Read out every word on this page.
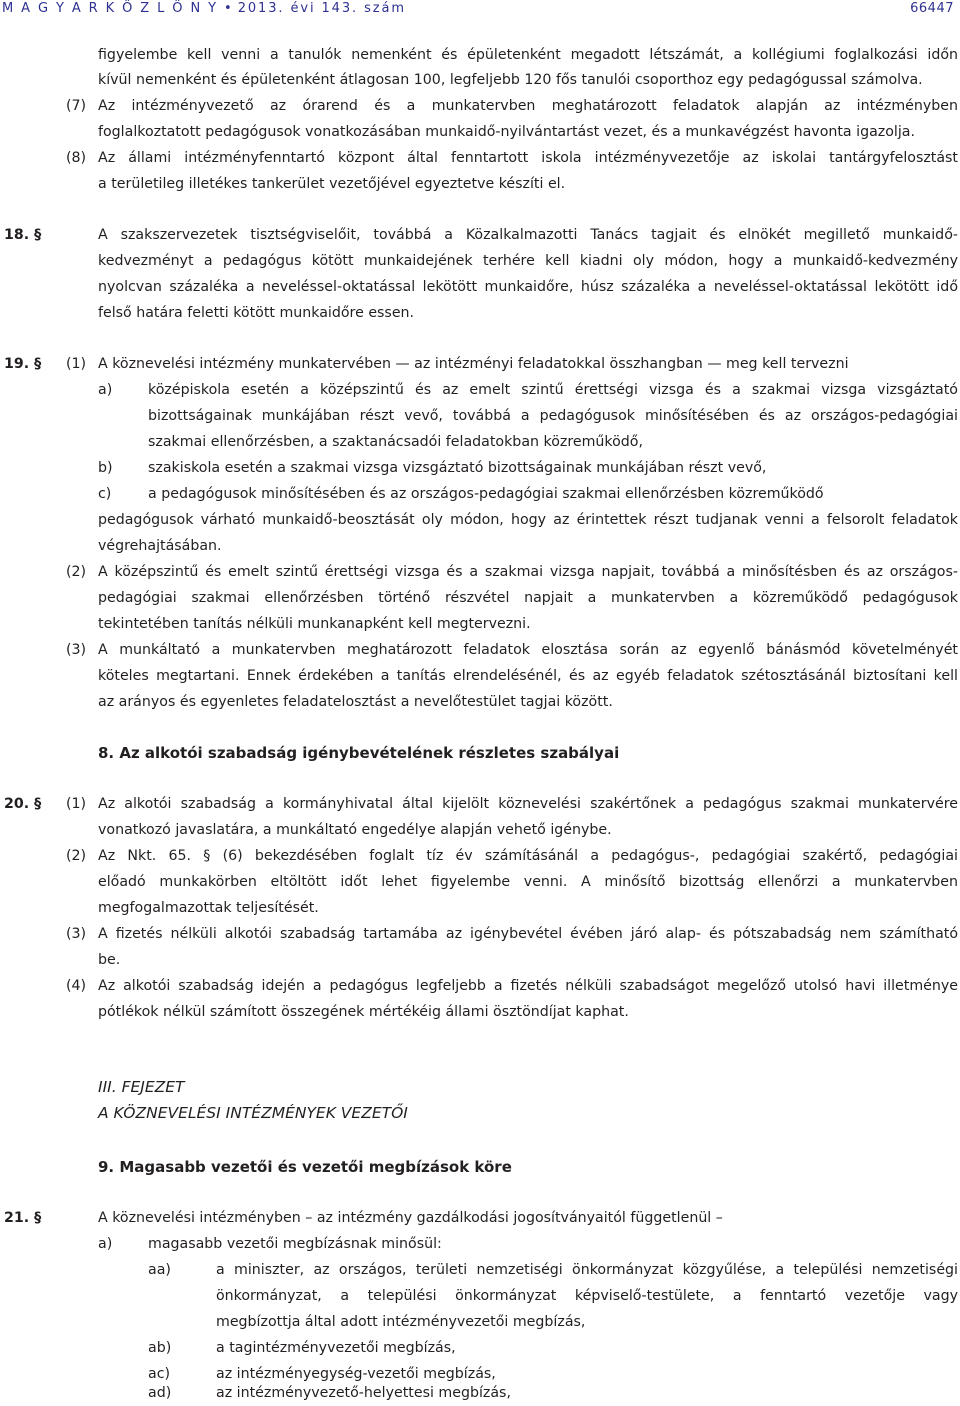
M A G Y A R K Ö Z L Ö N Y • 2013. évi 143. szám	66447
figyelembe kell venni a tanulók nemenként és épületenként megadott létszámát, a kollégiumi foglalkozási időn
kívül nemenként és épületenként átlagosan 100, legfeljebb 120 fős tanulói csoporthoz egy pedagógussal számolva.
(7) Az intézményvezető az órarend és a munkatervben meghatározott feladatok alapján az intézményben
foglalkoztatott pedagógusok vonatkozásában munkaidő-nyilvántartást vezet, és a munkavégzést havonta igazolja.
(8) Az állami intézményfenntartó központ által fenntartott iskola intézményvezetője az iskolai tantárgyfelosztást
a területileg illetékes tankerület vezetőjével egyeztetve készíti el.
18. §	A szakszervezetek tisztségviselőit, továbbá a Közalkalmazotti Tanács tagjait és elnökét megillető munkaidő-
kedvezményt a pedagógus kötött munkaidejének terhére kell kiadni oly módon, hogy a munkaidő-kedvezmény
nyolcvan százaléka a neveléssel-oktatással lekötött munkaidőre, húsz százaléka a neveléssel-oktatással lekötött idő
felső határa feletti kötött munkaidőre essen.
19. § (1) A köznevelési intézmény munkatervében — az intézményi feladatokkal összhangban — meg kell tervezni
a)	középiskola esetén a középszintű és az emelt szintű érettségi vizsga és a szakmai vizsga vizsgáztató
bizottságainak munkájában részt vevő, továbbá a pedagógusok minősítésében és az országos-pedagógiai
szakmai ellenőrzésben, a szaktanácsadói feladatokban közreműködő,
b) szakiskola esetén a szakmai vizsga vizsgáztató bizottságainak munkájában részt vevő,
c)	a pedagógusok minősítésében és az országos-pedagógiai szakmai ellenőrzésben közreműködő
pedagógusok várható munkaidő-beosztását oly módon, hogy az érintettek részt tudjanak venni a felsorolt feladatok
végrehajtásában.
(2) A középszintű és emelt szintű érettségi vizsga és a szakmai vizsga napjait, továbbá a minősítésben és az országos-
pedagógiai szakmai ellenőrzésben történő részvétel napjait a munkatervben a közreműködő pedagógusok
tekintetében tanítás nélküli munkanapként kell megtervezni.
(3) A munkáltató a munkatervben meghatározott feladatok elosztása során az egyenlő bánásmód követelményét
köteles megtartani. Ennek érdekében a tanítás elrendelésénél, és az egyéb feladatok szétosztásánál biztosítani kell
az arányos és egyenletes feladatelosztást a nevelőtestület tagjai között.
8. Az alkotói szabadság igénybevételének részletes szabályai
20. § (1) Az alkotói szabadság a kormányhivatal által kijelölt köznevelési szakértőnek a pedagógus szakmai munkatervére
vonatkozó javaslatára, a munkáltató engedélye alapján vehető igénybe.
(2) Az Nkt. 65. § (6) bekezdésében foglalt tíz év számításánál a pedagógus-, pedagógiai szakértő, pedagógiai
előadó munkakörben eltöltött időt lehet figyelembe venni. A minősítő bizottság ellenőrzi a munkatervben
megfogalmazottak teljesítését.
(3) A fizetés nélküli alkotói szabadság tartamába az igénybevétel évében járó alap- és pótszabadság nem számítható
be.
(4) Az alkotói szabadság idején a pedagógus legfeljebb a fizetés nélküli szabadságot megelőző utolsó havi illetménye
pótlékok nélkül számított összegének mértékéig állami ösztöndíjat kaphat.
III. FEJEZET
A KÖZNEVELÉSI INTÉZMÉNYEK VEZETŐI
9. Magasabb vezetői és vezetői megbízások köre
21. §	A köznevelési intézményben – az intézmény gazdálkodási jogosítványaitól függetlenül –
a)	magasabb vezetői megbízásnak minősül:
aa)	a miniszter, az országos, területi nemzetiségi önkormányzat közgyűlése, a települési nemzetiségi
önkormányzat, a települési önkormányzat képviselő-testülete, a fenntartó vezetője vagy
megbízottja által adott intézményvezetői megbízás,
ab)	a tagintézményvezetői megbízás,
ac)	az intézményegység-vezetői megbízás,
ad)	az intézményvezető-helyettesi megbízás,
